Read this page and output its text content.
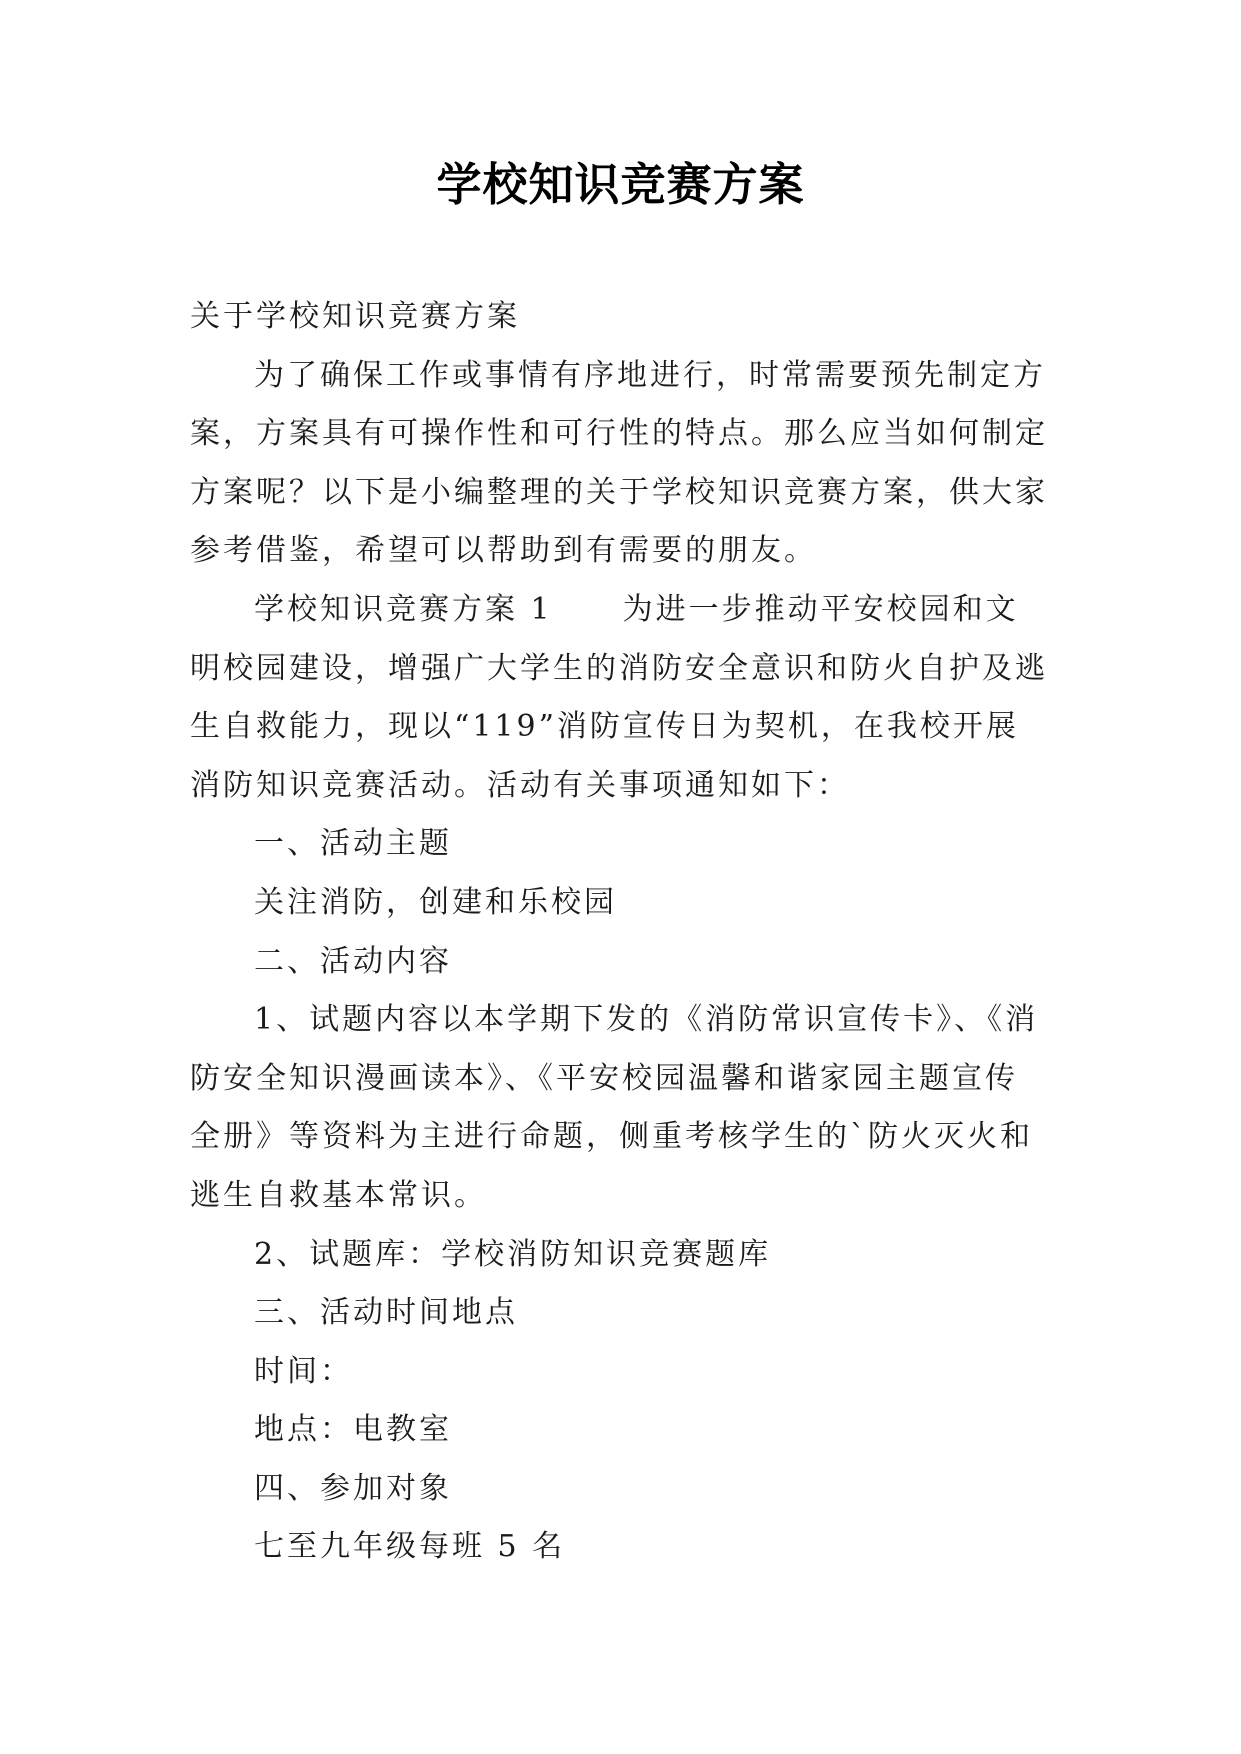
学校知识竞赛方案

关于学校知识竞赛方案

为了确保工作或事情有序地进行，时常需要预先制定方案，方案具有可操作性和可行性的特点。那么应当如何制定方案呢？以下是小编整理的关于学校知识竞赛方案，供大家参考借鉴，希望可以帮助到有需要的朋友。

学校知识竞赛方案 1 为进一步推动平安校园和文明校园建设，增强广大学生的消防安全意识和防火自护及逃生自救能力，现以“119”消防宣传日为契机，在我校开展消防知识竞赛活动。活动有关事项通知如下：

一、活动主题

关注消防，创建和乐校园

二、活动内容

1、试题内容以本学期下发的《消防常识宣传卡》、《消防安全知识漫画读本》、《平安校园温馨和谐家园主题宣传全册》等资料为主进行命题，侧重考核学生的`防火灭火和逃生自救基本常识。

2、试题库：学校消防知识竞赛题库

三、活动时间地点

时间：

地点：电教室

四、参加对象

七至九年级每班 5 名
